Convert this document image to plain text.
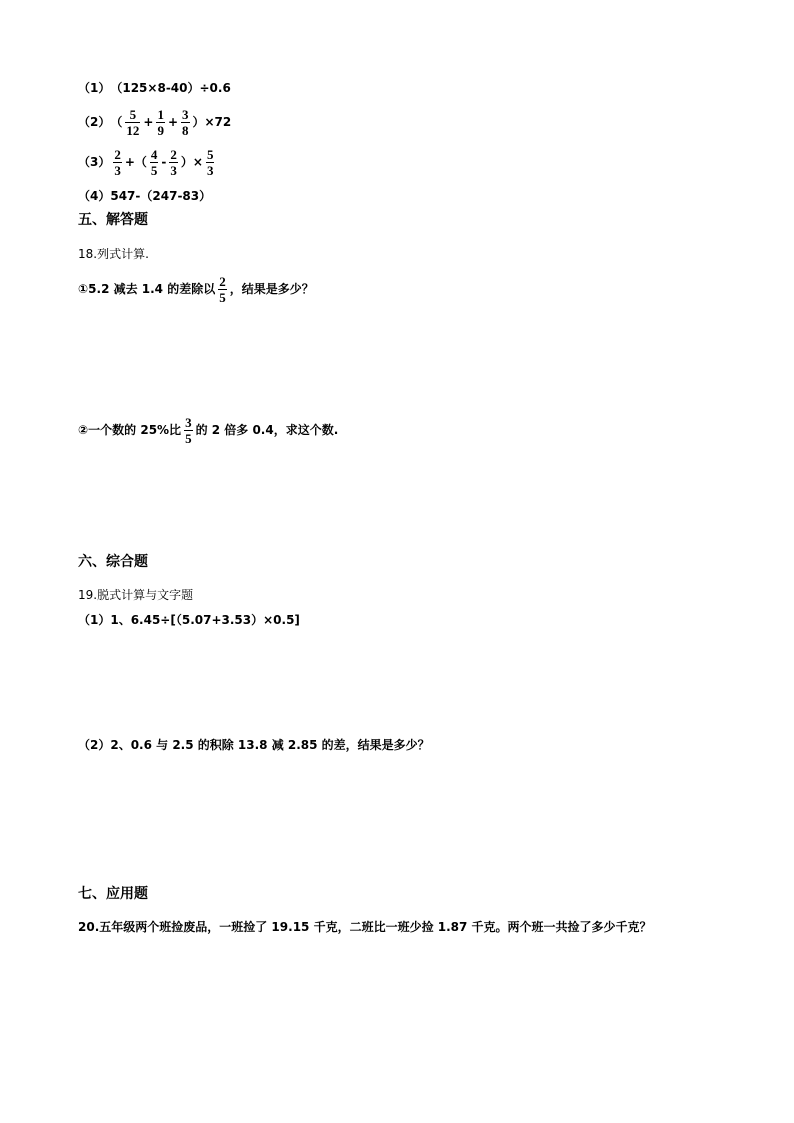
（1） （125×8-40）÷0.6
（2） （ $\frac{5}{12} + \frac{1}{9} + \frac{3}{8} )\times 72$
$(3) \frac{2}{3}$ +（ $\frac{4}{5} - \frac{2}{3}$ ）× $\frac{5}{3}$
（4） 547-（247-83）
五、解答题
18.列式计算.
①5.2 减去 1.4 的差除以 $\frac{2}{5}$ ，结果是多少？
②一个数的 25%比 $\frac{3}{5}$ 的 2 倍多 0.4，求这个数.
六、综合题
19.脱式计算与文字题
（1）1、6.45÷[（5.07+3.53）×0.5]
（2）2、0.6 与 2.5 的积除 13.8 减 2.85 的差，结果是多少？
七、应用题
20.五年级两个班捡废品，一班捡了 19.15 千克，二班比一班少捡 1.87 千克。两个班一共捡了多少千克？
